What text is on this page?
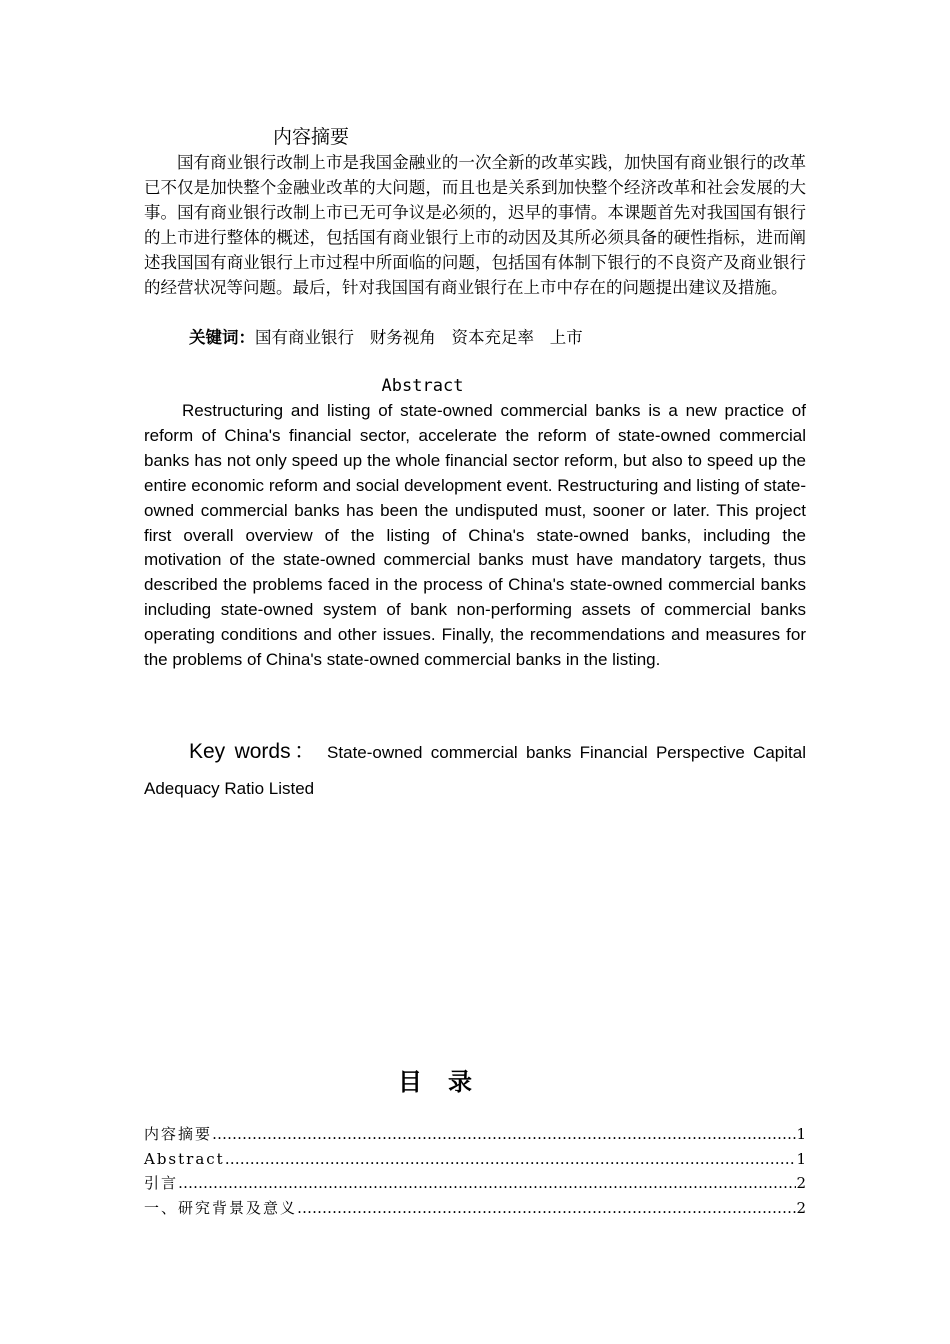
内容摘要

国有商业银行改制上市是我国金融业的一次全新的改革实践，加快国有商业银行的改革已不仅是加快整个金融业改革的大问题，而且也是关系到加快整个经济改革和社会发展的大事。国有商业银行改制上市已无可争议是必须的，迟早的事情。本课题首先对我国国有银行的上市进行整体的概述，包括国有商业银行上市的动因及其所必须具备的硬性指标，进而阐述我国国有商业银行上市过程中所面临的问题，包括国有体制下银行的不良资产及商业银行的经营状况等问题。最后，针对我国国有商业银行在上市中存在的问题提出建议及措施。

关键词：国有商业银行   财务视角   资本充足率   上市
Abstract

Restructuring and listing of state-owned commercial banks is a new practice of reform of China's financial sector, accelerate the reform of state-owned commercial banks has not only speed up the whole financial sector reform, but also to speed up the entire economic reform and social development event. Restructuring and listing of state-owned commercial banks has been the undisputed must, sooner or later. This project first overall overview of the listing of China's state-owned banks, including the motivation of the state-owned commercial banks must have mandatory targets, thus described the problems faced in the process of China's state-owned commercial banks including state-owned system of bank non-performing assets of commercial banks operating conditions and other issues. Finally, the recommendations and measures for the problems of China's state-owned commercial banks in the listing.

Key words： State-owned commercial banks Financial Perspective Capital Adequacy Ratio Listed

目录
内容摘要 ……………………………………………………………………………………………………………………………………………………………………	1
Abstract ……………………………………………………………………………………………………………………………………………………………………	1
引言 ……………………………………………………………………………………………………………………………………………………………………	2
一、研究背景及意义 ……………………………………………………………………………………………………………………………………………………………………	2
